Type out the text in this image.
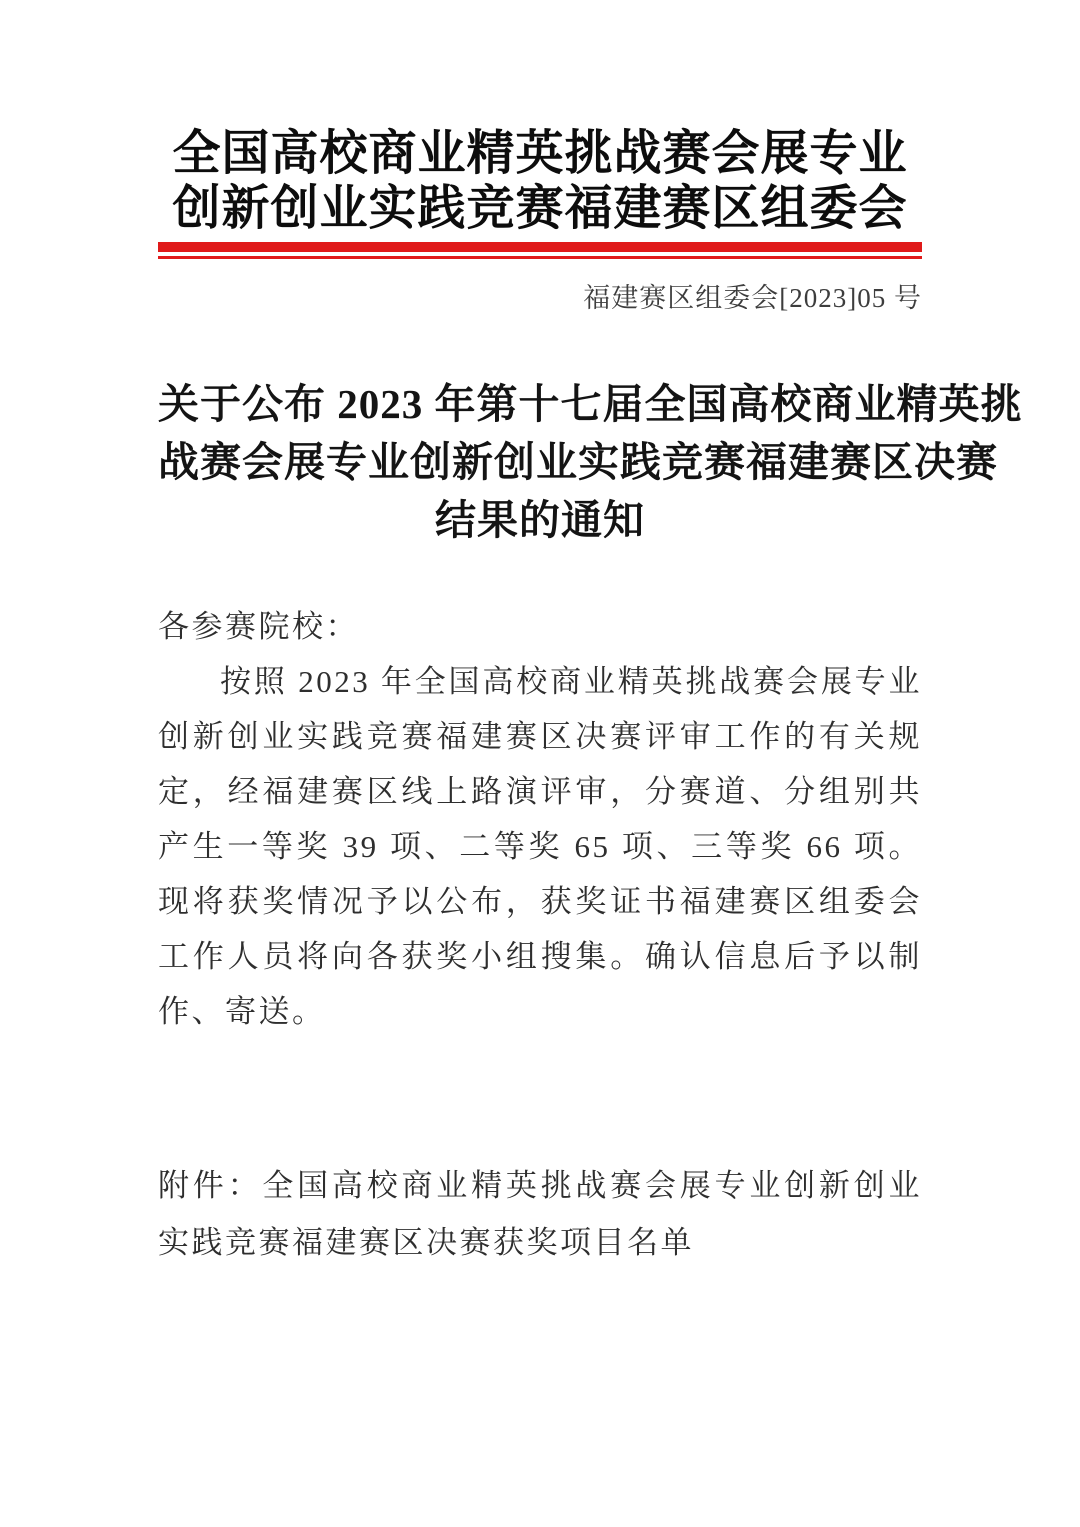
全国高校商业精英挑战赛会展专业
创新创业实践竞赛福建赛区组委会
福建赛区组委会[2023]05 号
关于公布 2023 年第十七届全国高校商业精英挑
战赛会展专业创新创业实践竞赛福建赛区决赛
结果的通知
各参赛院校：
按照 2023 年全国高校商业精英挑战赛会展专业创新创业实践竞赛福建赛区决赛评审工作的有关规定，经福建赛区线上路演评审，分赛道、分组别共产生一等奖 39 项、二等奖 65 项、三等奖 66 项。现将获奖情况予以公布，获奖证书福建赛区组委会工作人员将向各获奖小组搜集。确认信息后予以制作、寄送。
附件：全国高校商业精英挑战赛会展专业创新创业实践竞赛福建赛区决赛获奖项目名单
